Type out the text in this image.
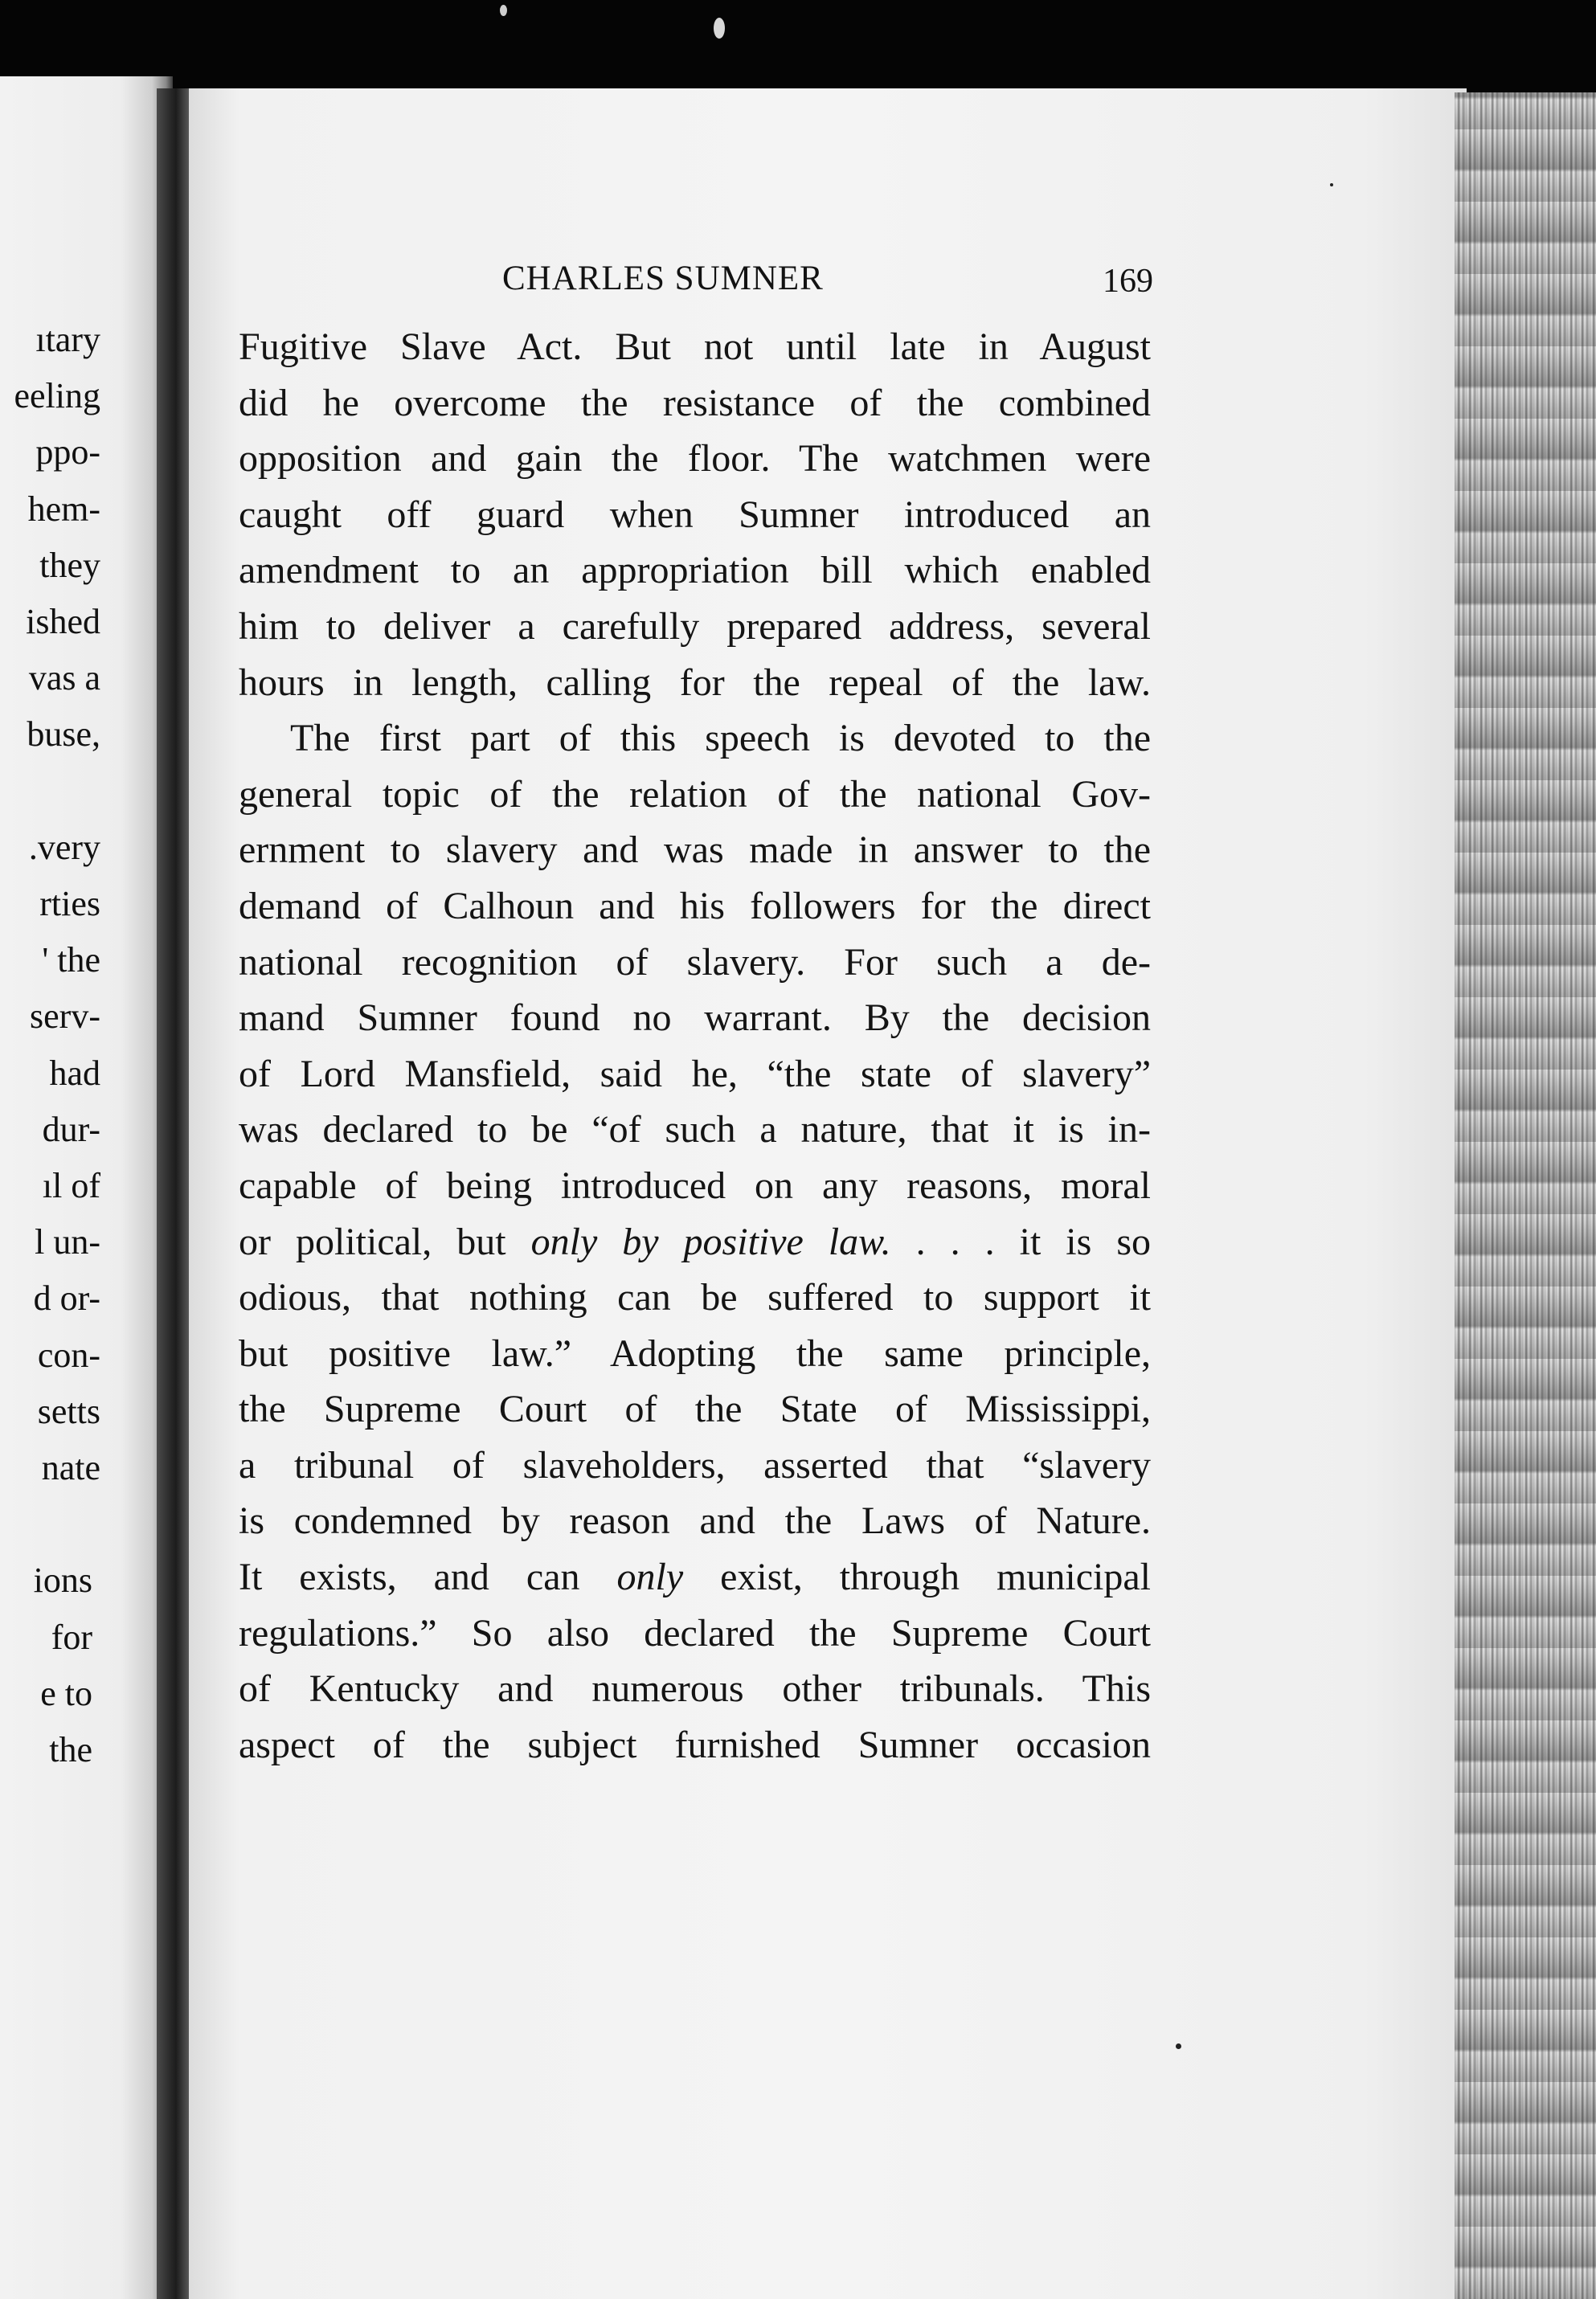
ıtary
eeling
ppo-
hem-
they
ished
vas a
buse,
.very
rties
' the
serv-
had
dur-
ıl of
l un-
d or-
con-
setts
nate
ions
for
e to
the
CHARLES SUMNER	169
Fugitive Slave Act. But not until late in August
did he overcome the resistance of the combined
opposition and gain the floor. The watchmen were
caught off guard when Sumner introduced an
amendment to an appropriation bill which enabled
him to deliver a carefully prepared address, several
hours in length, calling for the repeal of the law.
The first part of this speech is devoted to the
general topic of the relation of the national Gov-
ernment to slavery and was made in answer to the
demand of Calhoun and his followers for the direct
national recognition of slavery. For such a de-
mand Sumner found no warrant. By the decision
of Lord Mansfield, said he, “the state of slavery”
was declared to be “of such a nature, that it is in-
capable of being introduced on any reasons, moral
or political, but only by positive law. . . . it is so
odious, that nothing can be suffered to support it
but positive law.” Adopting the same principle,
the Supreme Court of the State of Mississippi,
a tribunal of slaveholders, asserted that “slavery
is condemned by reason and the Laws of Nature.
It exists, and can only exist, through municipal
regulations.” So also declared the Supreme Court
of Kentucky and numerous other tribunals. This
aspect of the subject furnished Sumner occasion
